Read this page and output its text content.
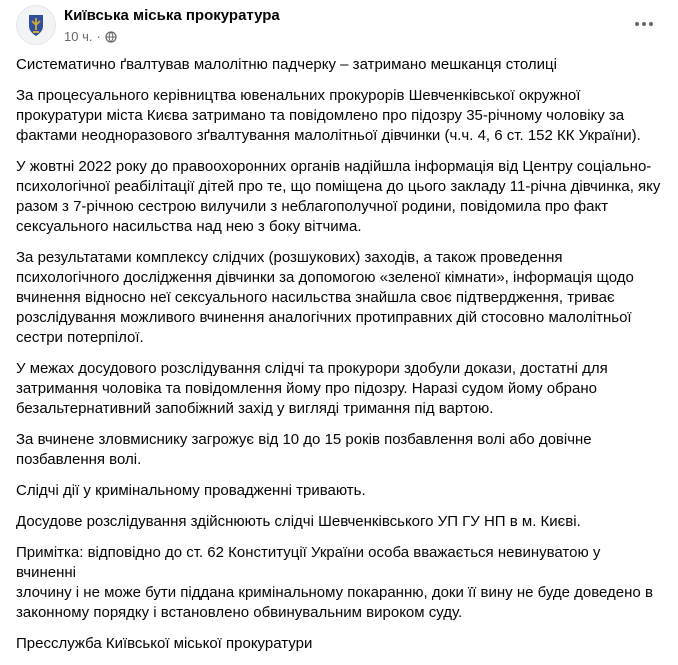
Київська міська прокуратура
10 ч. ·

Систематично ґвалтував малолітню падчерку – затримано мешканця столиці

За процесуального керівництва ювенальних прокурорів Шевченківської окружної
прокуратури міста Києва затримано та повідомлено про підозру 35-річному чоловіку за
фактами неодноразового зґвалтування малолітньої дівчинки (ч.ч. 4, 6 ст. 152 КК України).

У жовтні 2022 року до правоохоронних органів надійшла інформація від Центру соціально-
психологічної реабілітації дітей про те, що поміщена до цього закладу 11-річна дівчинка, яку
разом з 7-річною сестрою вилучили з неблагополучної родини, повідомила про факт
сексуального насильства над нею з боку вітчима.

За результатами комплексу слідчих (розшукових) заходів, а також проведення
психологічного дослідження дівчинки за допомогою «зеленої кімнати», інформація щодо
вчинення відносно неї сексуального насильства знайшла своє підтвердження, триває
розслідування можливого вчинення аналогічних протиправних дій стосовно малолітньої
сестри потерпілої.

У межах досудового розслідування слідчі та прокурори здобули докази, достатні для
затримання чоловіка та повідомлення йому про підозру. Наразі судом йому обрано
безальтернативний запобіжний захід у вигляді тримання під вартою.

За вчинене зловмиснику загрожує від 10 до 15 років позбавлення волі або довічне
позбавлення волі.

Слідчі дії у кримінальному провадженні тривають.

Досудове розслідування здійснюють слідчі Шевченківського УП ГУ НП в м. Києві.

Примітка: відповідно до ст. 62 Конституції України особа вважається невинуватою у вчиненні
злочину і не може бути піддана кримінальному покаранню, доки її вину не буде доведено в
законному порядку і встановлено обвинувальним вироком суду.

Пресслужба Київської міської прокуратури
